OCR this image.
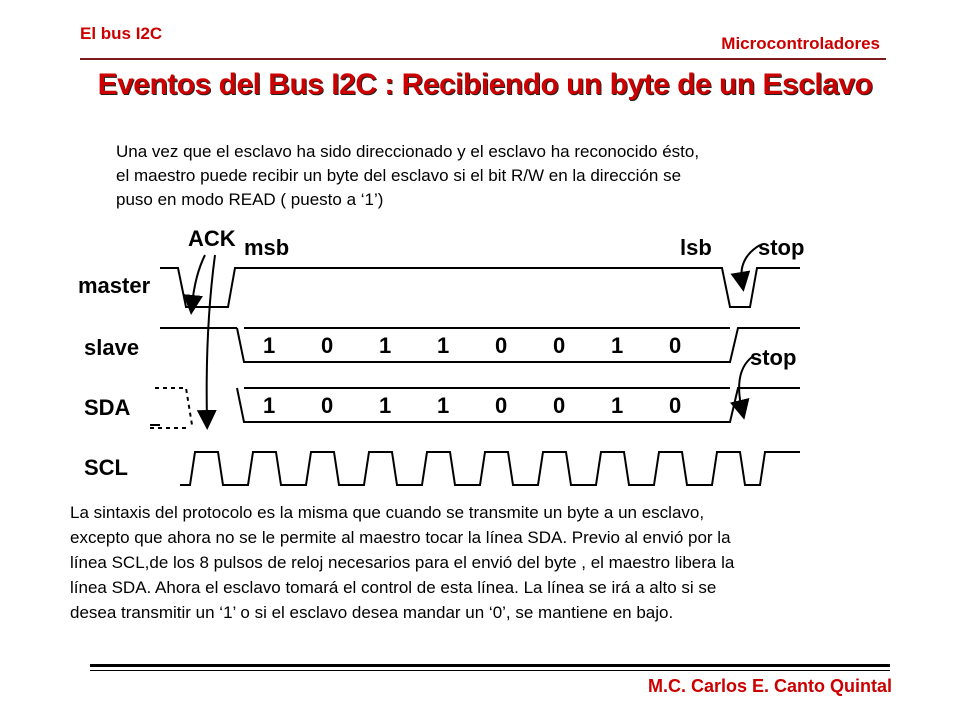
El bus I2C
Microcontroladores
Eventos del Bus I2C : Recibiendo un byte de un Esclavo
Una vez que el esclavo ha sido direccionado y el esclavo ha reconocido ésto,
el maestro puede recibir un byte del esclavo si el bit R/W en la dirección se
puso en modo READ ( puesto a ‘1’)
master
slave
SDA
SCL
ACK msb	lsb stop
stop
1 0 1 1 0 0 1 0
1 0 1 1 0 0 1 0
La sintaxis del protocolo es la misma que cuando se transmite un byte a un esclavo,
excepto que ahora no se le permite al maestro tocar la línea SDA. Previo al envió por la
línea SCL,de los 8 pulsos de reloj necesarios para el envió del byte , el maestro libera la
línea SDA. Ahora el esclavo tomará el control de esta línea. La línea se irá a alto si se
desea transmitir un ‘1’ o si el esclavo desea mandar un ‘0’, se mantiene en bajo.
M.C. Carlos E. Canto Quintal
